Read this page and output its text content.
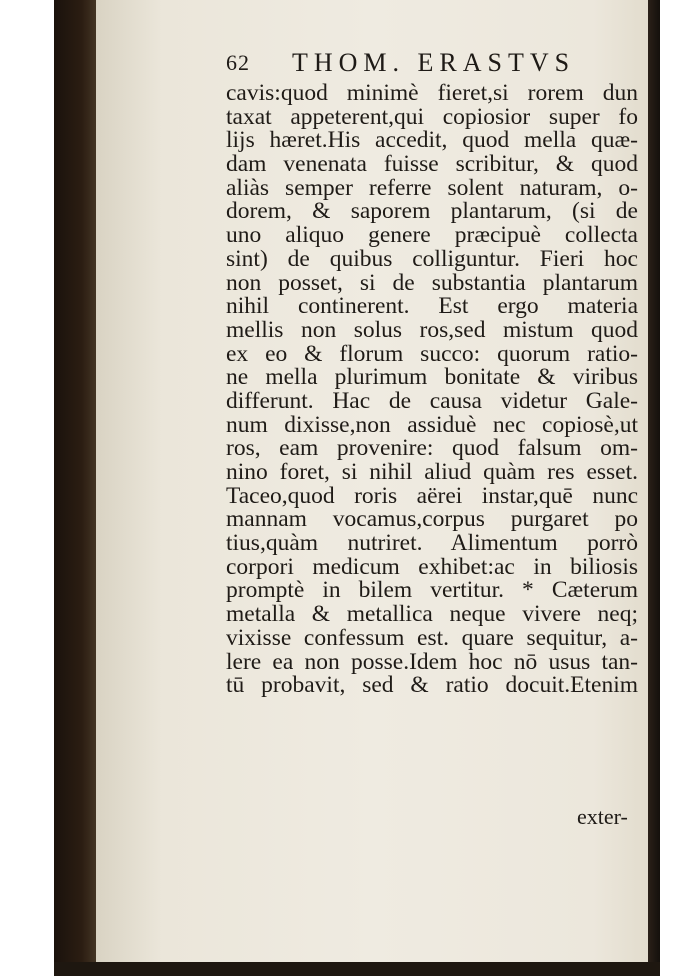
62 THOM. ERASTVS
cavis:quod minimè fieret,si rorem dun
taxat appeterent,qui copiosior super fo
lijs hæret.His accedit, quod mella quæ-
dam venenata fuisse scribitur, & quod
aliàs semper referre solent naturam, o-
dorem, & saporem plantarum, (si de
uno aliquo genere præcipuè collecta
sint) de quibus colliguntur. Fieri hoc
non posset, si de substantia plantarum
nihil continerent. Est ergo materia
mellis non solus ros,sed mistum quod
ex eo & florum succo: quorum ratio-
ne mella plurimum bonitate & viribus
differunt. Hac de causa videtur Gale-
num dixisse,non assiduè nec copiosè,ut
ros, eam provenire: quod falsum om-
nino foret, si nihil aliud quàm res esset.
Taceo,quod roris aërei instar,quē nunc
mannam vocamus,corpus purgaret po
tius,quàm nutriret. Alimentum porrò
corpori medicum exhibet:ac in biliosis
promptè in bilem vertitur. * Cæterum
metalla & metallica neque vivere neq;
vixisse confessum est. quare sequitur, a-
lere ea non posse.Idem hoc nō usus tan-
tū probavit, sed & ratio docuit.Etenim
exter-
